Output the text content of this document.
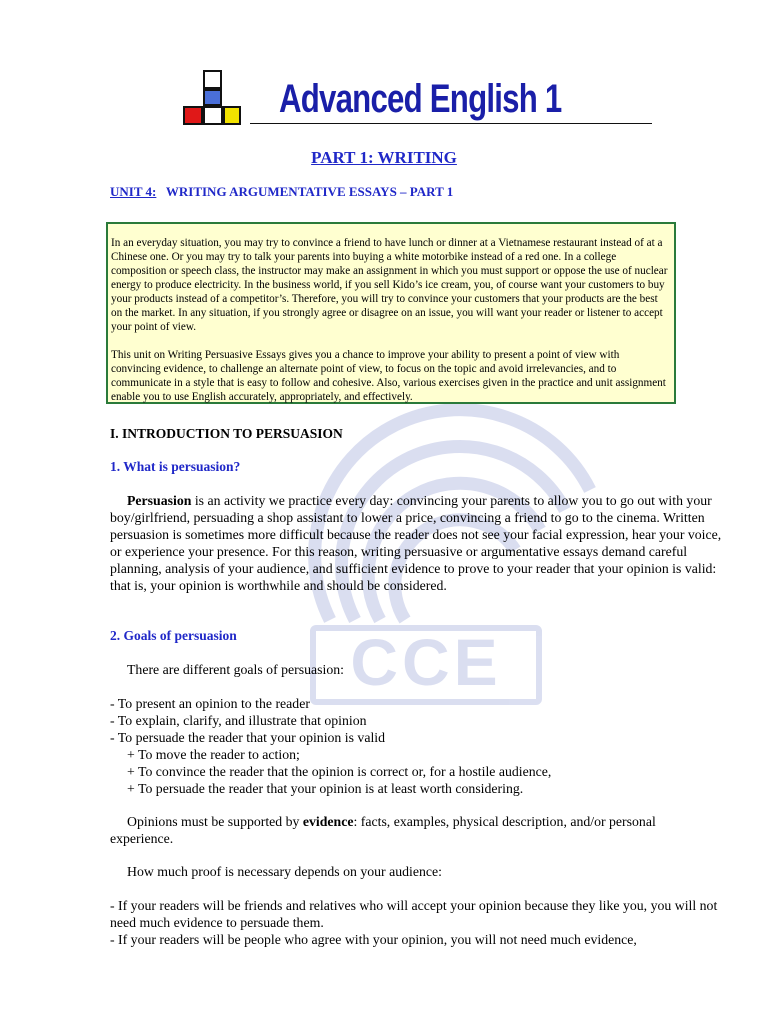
CCE
Advanced English 1
PART 1: WRITING
UNIT 4: WRITING ARGUMENTATIVE ESSAYS – PART 1

In an everyday situation, you may try to convince a friend to have lunch or dinner at a Vietnamese restaurant instead of at a Chinese one. Or you may try to talk your parents into buying a white motorbike instead of a red one. In a college composition or speech class, the instructor may make an assignment in which you must support or oppose the use of nuclear energy to produce electricity. In the business world, if you sell Kido’s ice cream, you, of course want your customers to buy your products instead of a competitor’s. Therefore, you will try to convince your customers that your products are the best on the market. In any situation, if you strongly agree or disagree on an issue, you will want your reader or listener to accept your point of view.

This unit on Writing Persuasive Essays gives you a chance to improve your ability to present a point of view with convincing evidence, to challenge an alternate point of view, to focus on the topic and avoid irrelevancies, and to communicate in a style that is easy to follow and cohesive. Also, various exercises given in the practice and unit assignment enable you to use English accurately, appropriately, and effectively.

I. INTRODUCTION TO PERSUASION
1. What is persuasion?

Persuasion is an activity we practice every day: convincing your parents to allow you to go out with your boy/girlfriend, persuading a shop assistant to lower a price, convincing a friend to go to the cinema. Written persuasion is sometimes more difficult because the reader does not see your facial expression, hear your voice, or experience your presence. For this reason, writing persuasive or argumentative essays demand careful planning, analysis of your audience, and sufficient evidence to prove to your reader that your opinion is valid: that is, your opinion is worthwhile and should be considered.

2. Goals of persuasion

There are different goals of persuasion:

- To present an opinion to the reader
- To explain, clarify, and illustrate that opinion
- To persuade the reader that your opinion is valid
+ To move the reader to action;
+ To convince the reader that the opinion is correct or, for a hostile audience,
+ To persuade the reader that your opinion is at least worth considering.

Opinions must be supported by evidence: facts, examples, physical description, and/or personal experience.

How much proof is necessary depends on your audience:

- If your readers will be friends and relatives who will accept your opinion because they like you, you will not need much evidence to persuade them.

- If your readers will be people who agree with your opinion, you will not need much evidence,
